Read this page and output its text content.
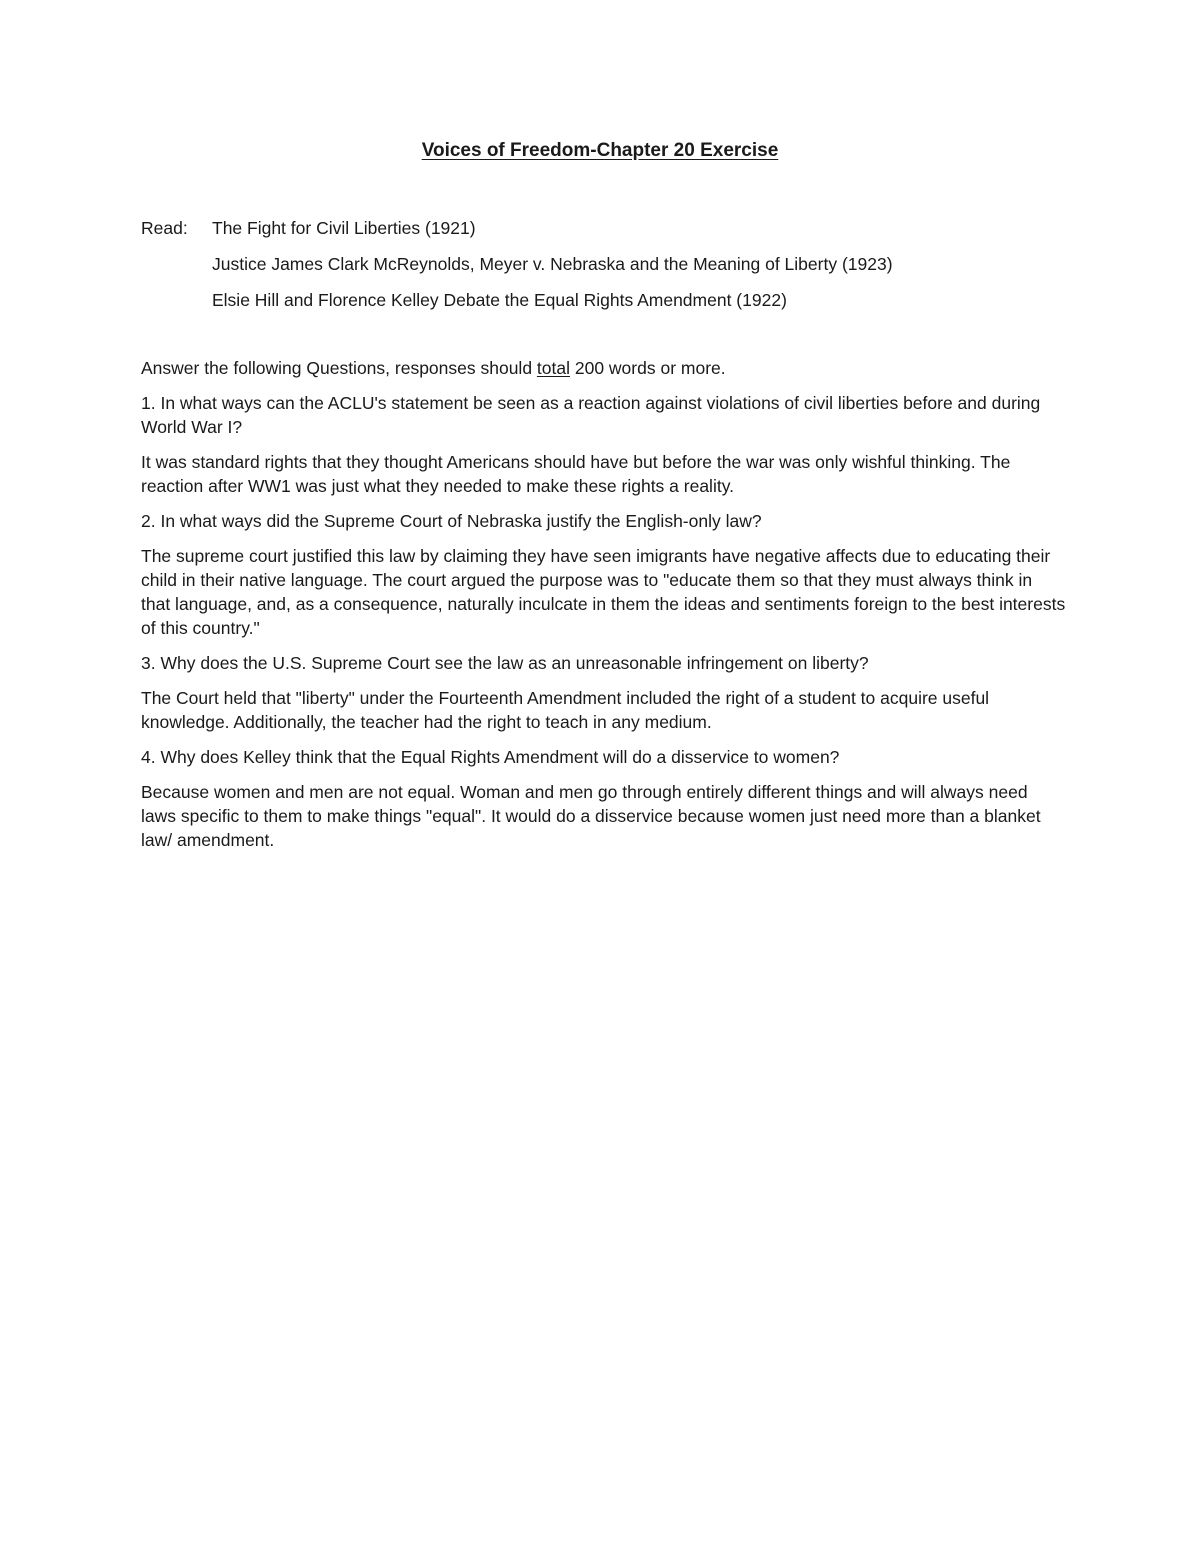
Voices of Freedom-Chapter 20 Exercise
Read:	The Fight for Civil Liberties (1921)
Justice James Clark McReynolds, Meyer v. Nebraska and the Meaning of Liberty (1923)
Elsie Hill and Florence Kelley Debate the Equal Rights Amendment (1922)

Answer the following Questions, responses should total 200 words or more.

1. In what ways can the ACLU's statement be seen as a reaction against violations of civil liberties before and during World War I?

It was standard rights that they thought Americans should have but before the war was only wishful thinking. The reaction after WW1 was just what they needed to make these rights a reality.

2. In what ways did the Supreme Court of Nebraska justify the English-only law?

The supreme court justified this law by claiming they have seen imigrants have negative affects due to educating their child in their native language. The court argued the purpose was to "educate them so that they must always think in that language, and, as a consequence, naturally inculcate in them the ideas and sentiments foreign to the best interests of this country."

3. Why does the U.S. Supreme Court see the law as an unreasonable infringement on liberty?

The Court held that "liberty" under the Fourteenth Amendment included the right of a student to acquire useful knowledge. Additionally, the teacher had the right to teach in any medium.

4. Why does Kelley think that the Equal Rights Amendment will do a disservice to women?

Because women and men are not equal. Woman and men go through entirely different things and will always need laws specific to them to make things "equal". It would do a disservice because women just need more than a blanket law/ amendment.
